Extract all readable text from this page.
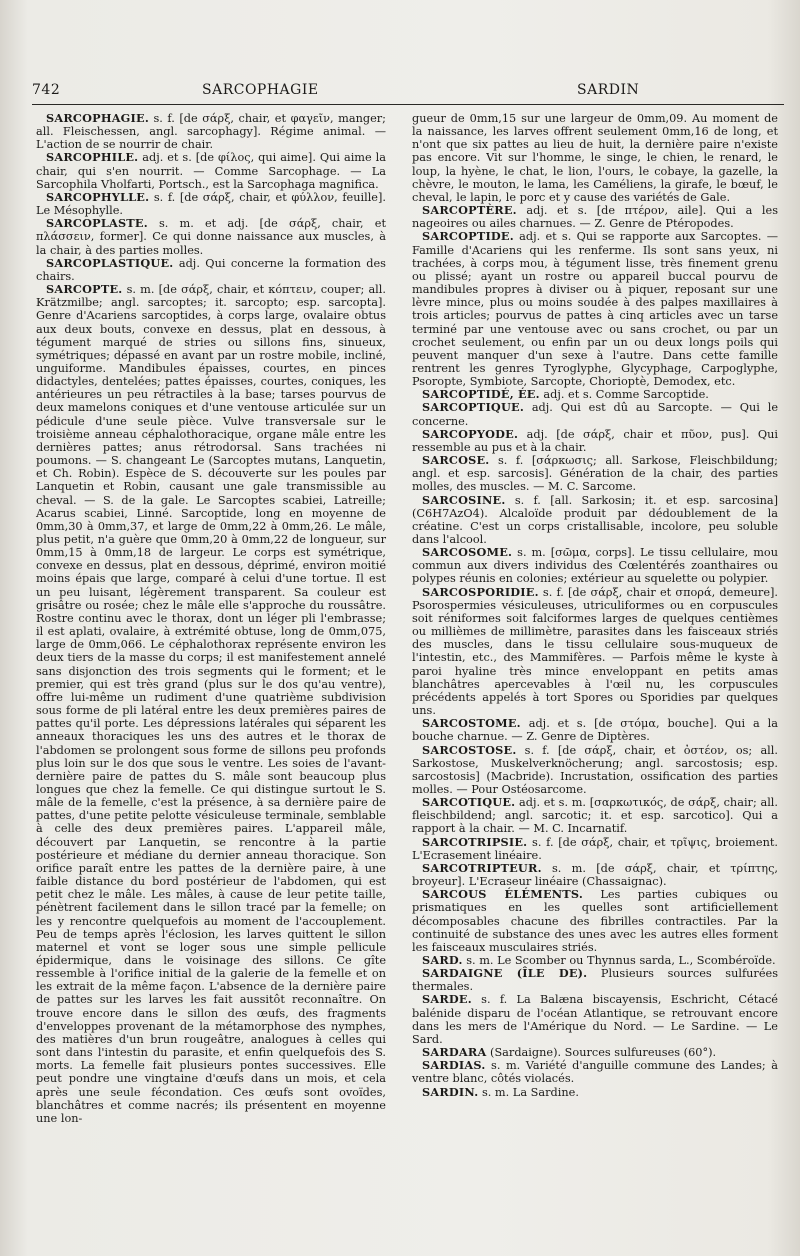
742	SARCOPHAGIE	SARDIN

SARCOPHAGIE. s. f. [de σάρξ, chair, et φαγεῖν, manger; all. Fleischessen, angl. sarcophagy]. Régime animal. — L'action de se nourrir de chair.

SARCOPHILE. adj. et s. [de φίλος, qui aime]. Qui aime la chair, qui s'en nourrit. — Comme Sarcophage. — La Sarcophila Vholfarti, Portsch., est la Sarcophaga magnifica.

SARCOPHYLLE. s. f. [de σάρξ, chair, et φύλλον, feuille]. Le Mésophylle.

SARCOPLASTE. s. m. et adj. [de σάρξ, chair, et πλάσσειν, former]. Ce qui donne naissance aux muscles, à la chair, à des parties molles.

SARCOPLASTIQUE. adj. Qui concerne la formation des chairs.

SARCOPTE. s. m. [de σάρξ, chair, et κόπτειν, couper; all. Krätzmilbe; angl. sarcoptes; it. sarcopto; esp. sarcopta]. Genre d'Acariens sarcoptides, à corps large, ovalaire obtus aux deux bouts, convexe en dessus, plat en dessous, à tégument marqué de stries ou sillons fins, sinueux, symétriques; dépassé en avant par un rostre mobile, incliné, unguiforme. Mandibules épaisses, courtes, en pinces didactyles, dentelées; pattes épaisses, courtes, coniques, les antérieures un peu rétractiles à la base; tarses pourvus de deux mamelons coniques et d'une ventouse articulée sur un pédicule d'une seule pièce. Vulve transversale sur le troisième anneau céphalothoracique, organe mâle entre les dernières pattes; anus rétrodorsal. Sans trachées ni poumons. — S. changeant Le (Sarcoptes mutans, Lanquetin, et Ch. Robin). Espèce de S. découverte sur les poules par Lanquetin et Robin, causant une gale transmissible au cheval. — S. de la gale. Le Sarcoptes scabiei, Latreille; Acarus scabiei, Linné. Sarcoptide, long en moyenne de 0mm,30 à 0mm,37, et large de 0mm,22 à 0mm,26. Le mâle, plus petit, n'a guère que 0mm,20 à 0mm,22 de longueur, sur 0mm,15 à 0mm,18 de largeur. Le corps est symétrique, convexe en dessus, plat en dessous, déprimé, environ moitié moins épais que large, comparé à celui d'une tortue. Il est un peu luisant, légèrement transparent. Sa couleur est grisâtre ou rosée; chez le mâle elle s'approche du roussâtre. Rostre continu avec le thorax, dont un léger pli l'embrasse; il est aplati, ovalaire, à extrémité obtuse, long de 0mm,075, large de 0mm,066. Le céphalothorax représente environ les deux tiers de la masse du corps; il est manifestement annelé sans disjonction des trois segments qui le forment; et le premier, qui est très grand (plus sur le dos qu'au ventre), offre lui-même un rudiment d'une quatrième subdivision sous forme de pli latéral entre les deux premières paires de pattes qu'il porte. Les dépressions latérales qui séparent les anneaux thoraciques les uns des autres et le thorax de l'abdomen se prolongent sous forme de sillons peu profonds plus loin sur le dos que sous le ventre. Les soies de l'avant-dernière paire de pattes du S. mâle sont beaucoup plus longues que chez la femelle. Ce qui distingue surtout le S. mâle de la femelle, c'est la présence, à sa dernière paire de pattes, d'une petite pelotte vésiculeuse terminale, semblable à celle des deux premières paires. L'appareil mâle, découvert par Lanquetin, se rencontre à la partie postérieure et médiane du dernier anneau thoracique. Son orifice paraît entre les pattes de la dernière paire, à une faible distance du bord postérieur de l'abdomen, qui est petit chez le mâle. Les mâles, à cause de leur petite taille, pénètrent facilement dans le sillon tracé par la femelle; on les y rencontre quelquefois au moment de l'accouplement. Peu de temps après l'éclosion, les larves quittent le sillon maternel et vont se loger sous une simple pellicule épidermique, dans le voisinage des sillons. Ce gîte ressemble à l'orifice initial de la galerie de la femelle et on les extrait de la même façon. L'absence de la dernière paire de pattes sur les larves les fait aussitôt reconnaître. On trouve encore dans le sillon des œufs, des fragments d'enveloppes provenant de la métamorphose des nymphes, des matières d'un brun rougeâtre, analogues à celles qui sont dans l'intestin du parasite, et enfin quelquefois des S. morts. La femelle fait plusieurs pontes successives. Elle peut pondre une vingtaine d'œufs dans un mois, et cela après une seule fécondation. Ces œufs sont ovoïdes, blanchâtres et comme nacrés; ils présentent en moyenne une lon-

gueur de 0mm,15 sur une largeur de 0mm,09. Au moment de la naissance, les larves offrent seulement 0mm,16 de long, et n'ont que six pattes au lieu de huit, la dernière paire n'existe pas encore. Vit sur l'homme, le singe, le chien, le renard, le loup, la hyène, le chat, le lion, l'ours, le cobaye, la gazelle, la chèvre, le mouton, le lama, les Caméliens, la girafe, le bœuf, le cheval, le lapin, le porc et y cause des variétés de Gale.

SARCOPTÈRE. adj. et s. [de πτέρον, aile]. Qui a les nageoires ou ailes charnues. — Z. Genre de Ptéropodes.

SARCOPTIDE. adj. et s. Qui se rapporte aux Sarcoptes. — Famille d'Acariens qui les renferme. Ils sont sans yeux, ni trachées, à corps mou, à tégument lisse, très finement grenu ou plissé; ayant un rostre ou appareil buccal pourvu de mandibules propres à diviser ou à piquer, reposant sur une lèvre mince, plus ou moins soudée à des palpes maxillaires à trois articles; pourvus de pattes à cinq articles avec un tarse terminé par une ventouse avec ou sans crochet, ou par un crochet seulement, ou enfin par un ou deux longs poils qui peuvent manquer d'un sexe à l'autre. Dans cette famille rentrent les genres Tyroglyphe, Glycyphage, Carpoglyphe, Psoropte, Symbiote, Sarcopte, Chorioptè, Demodex, etc.

SARCOPTIDÉ, ÉE. adj. et s. Comme Sarcoptide.

SARCOPTIQUE. adj. Qui est dû au Sarcopte. — Qui le concerne.

SARCOPYODE. adj. [de σάρξ, chair et πῦον, pus]. Qui ressemble au pus et à la chair.

SARCOSE. s. f. [σάρκωσις; all. Sarkose, Fleischbildung; angl. et esp. sarcosis]. Génération de la chair, des parties molles, des muscles. — M. C. Sarcome.

SARCOSINE. s. f. [all. Sarkosin; it. et esp. sarcosina] (C6H7AzO4). Alcaloïde produit par dédoublement de la créatine. C'est un corps cristallisable, incolore, peu soluble dans l'alcool.

SARCOSOME. s. m. [σῶμα, corps]. Le tissu cellulaire, mou commun aux divers individus des Cœlentérés zoanthaires ou polypes réunis en colonies; extérieur au squelette ou polypier.

SARCOSPORIDIE. s. f. [de σάρξ, chair et σπορά, demeure]. Psorospermies vésiculeuses, utriculiformes ou en corpuscules soit réniformes soit falciformes larges de quelques centièmes ou millièmes de millimètre, parasites dans les faisceaux striés des muscles, dans le tissu cellulaire sous-muqueux de l'intestin, etc., des Mammifères. — Parfois même le kyste à paroi hyaline très mince enveloppant en petits amas blanchâtres apercevables à l'œil nu, les corpuscules précédents appelés à tort Spores ou Sporidies par quelques uns.

SARCOSTOME. adj. et s. [de στόμα, bouche]. Qui a la bouche charnue. — Z. Genre de Diptères.

SARCOSTOSE. s. f. [de σάρξ, chair, et ὀστέον, os; all. Sarkostose, Muskelverknöcherung; angl. sarcostosis; esp. sarcostosis] (Macbride). Incrustation, ossification des parties molles. — Pour Ostéosarcome.

SARCOTIQUE. adj. et s. m. [σαρκωτικός, de σάρξ, chair; all. fleischbildend; angl. sarcotic; it. et esp. sarcotico]. Qui a rapport à la chair. — M. C. Incarnatif.

SARCOTRIPSIE. s. f. [de σάρξ, chair, et τρῖψις, broiement. L'Ecrasement linéaire.

SARCOTRIPTEUR. s. m. [de σάρξ, chair, et τρίπτης, broyeur]. L'Ecraseur linéaire (Chassaignac).

SARCOUS ÉLÉMENTS. Les parties cubiques ou prismatiques en les quelles sont artificiellement décomposables chacune des fibrilles contractiles. Par la continuité de substance des unes avec les autres elles forment les faisceaux musculaires striés.

SARD. s. m. Le Scomber ou Thynnus sarda, L., Scombéroïde.

SARDAIGNE (ÎLE DE). Plusieurs sources sulfurées thermales.

SARDE. s. f. La Balæna biscayensis, Eschricht, Cétacé balénide disparu de l'océan Atlantique, se retrouvant encore dans les mers de l'Amérique du Nord. — Le Sardine. — Le Sard.

SARDARA (Sardaigne). Sources sulfureuses (60°).

SARDIAS. s. m. Variété d'anguille commune des Landes; à ventre blanc, côtés violacés.

SARDIN. s. m. La Sardine.
